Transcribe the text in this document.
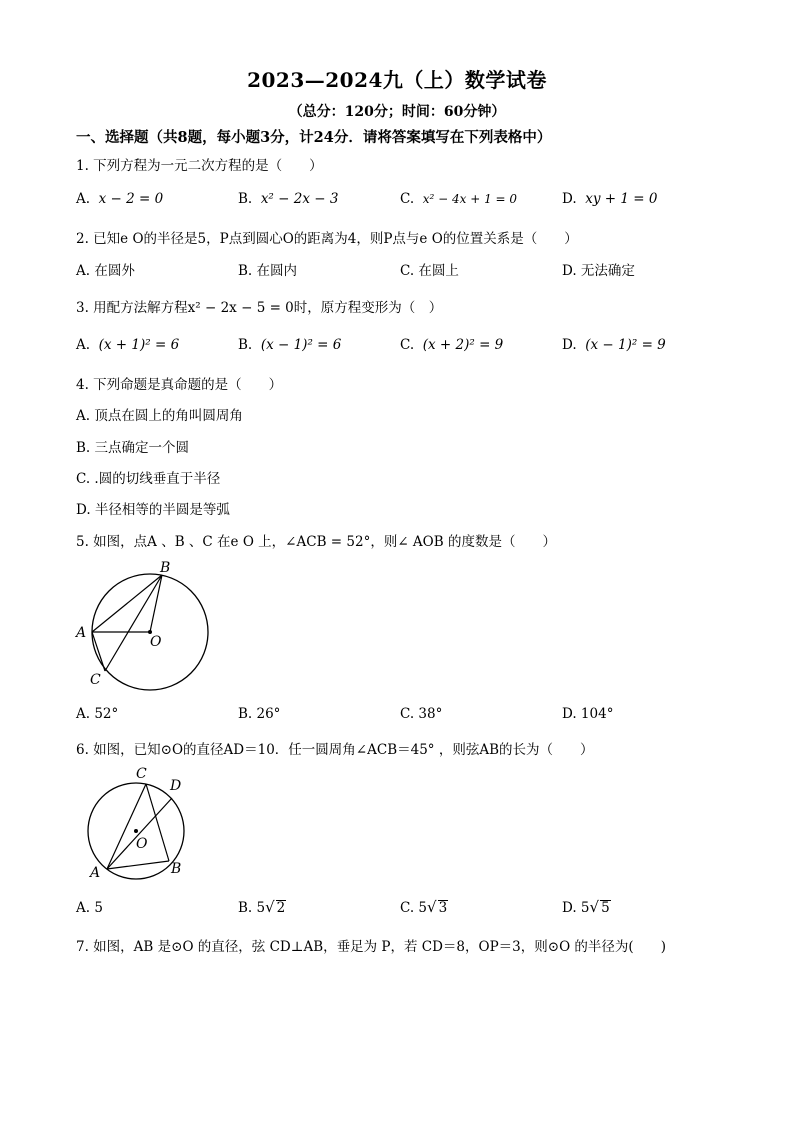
2023—2024九（上）数学试卷
（总分：120分；时间：60分钟）
一、选择题（共8题，每小题3分，计24分．请将答案填写在下列表格中）
1. 下列方程为一元二次方程的是（　　）
A. x − 2 = 0	B. x² − 2x − 3	C. x² − 4x + 1 = 0	D. xy + 1 = 0
2. 已知e O的半径是5，P点到圆心O的距离为4，则P点与e O的位置关系是（　　）
A. 在圆外	B. 在圆内	C. 在圆上	D. 无法确定
3. 用配方法解方程x² − 2x − 5 = 0时，原方程变形为（　）
A. (x + 1)² = 6	B. (x − 1)² = 6	C. (x + 2)² = 9	D. (x − 1)² = 9
4. 下列命题是真命题的是（　　）
A. 顶点在圆上的角叫圆周角
B. 三点确定一个圆
C. .圆的切线垂直于半径
D. 半径相等的半圆是等弧
5. 如图，点A 、B 、C 在e O 上，∠ACB = 52°，则∠ AOB 的度数是（　　）
B
A
O
C
A. 52°	B. 26°	C. 38°	D. 104°
6. 如图，已知⊙O的直径AD＝10．任一圆周角∠ACB＝45° ，则弦AB的长为（　　）
C
D
O
A	B
A. 5	B. 5√ 2	C. 5√ 3	D. 5√ 5
7. 如图，AB 是⊙O 的直径，弦 CD⊥AB，垂足为 P，若 CD＝8，OP＝3，则⊙O 的半径为(　　)
